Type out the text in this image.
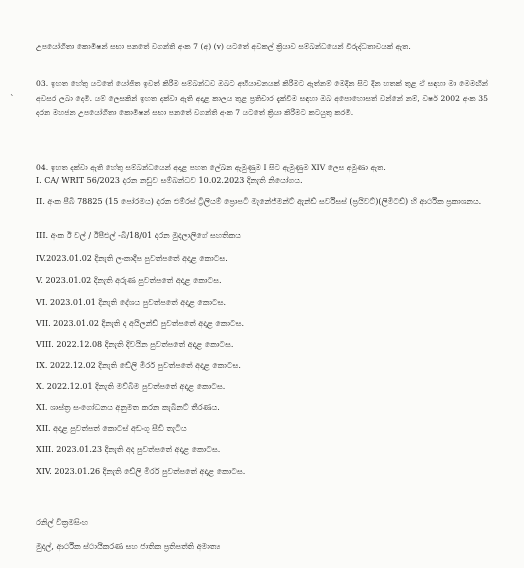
උපයෝගිතා කොමිෂන් සභා පනතේ වගන්ති අංක 7 (අ) (v) යටතේ අවකල් ක්‍රියාව සම්බන්ධයෙන් විරුද්ධතාවයක් ඇත.
03. ඉහත හේතු යටතේ යෝජිත ඉවත් කිරීම සම්බන්ධව ඔබට අභියාචනයක් කිරීමට ඇත්නම් මෙදින සිට දින හතක් තුළ ඒ සඳහා මා මෙමඟින් අවසර ලබා දෙමි. යම් ලෙසකින් ඉහත දක්වා ඇති අදාළ කාලය තුළ ප්‍රතිචාර දැක්වීම සඳහා ඔබ අපොහොසත් වන්නේ නම්, වර්ෂ 2002 අංක 35 දරන මහජන උපයෝගිතා කොමිෂන් සභා පනතේ වගන්ති අංක 7 යටතේ ක්‍රියා කිරීමට කටයුතු කරමි.
`
04. ඉහත දක්වා ඇති හේතු සම්බන්ධයෙන් අදාළ පහත ලේඛන ඇමුණුම I සිට ඇමුණුම XIV ලෙස අමුණා ඇත.
I. CA/ WRIT 56/2023 දරන නඩුව සම්බන්ධව 10.02.2023 දිනැති නියෝගය.
II. අංක පීබී 78825 (15 පෝරමය) දරන එම්රස් ට්‍රිලියම් ප්‍රොපටි මැනේජ්මන්ට් ඇන්ඩ් සර්විසස් (ප්‍රයිවට්)(ලිමිටඩ්) හි ආර්ථික ප්‍රකාශනය.
III. අංක ඊ වල් / ඊපීඑල් -බී/18/01 දරන මුදලාලිගේ සහතිකය
IV.2023.01.02 දිනැති ලංකාදීප පුවත්පතේ අදාළ කොටස.
V. 2023.01.02 දිනැති අරුණ පුවත්පතේ අදාළ කොටස.
VI. 2023.01.01 දිනැති දේශය පුවත්පතේ අදාළ කොටස.
VII. 2023.01.02 දිනැති ද අයිලන්ඩ් පුවත්පතේ අදාළ කොටස.
VIII. 2022.12.08 දිනැති දිවයින පුවත්පතේ අදාළ කොටස.
IX. 2022.12.02 දිනැති ඩේලි මිරර් පුවත්පතේ අදාළ කොටස.
X. 2022.12.01 දිනැති මව්බිම පුවත්පතේ අදාළ කොටස.
XI. ශාස්ත්‍ර සංගෝධනය අනුමත කරන කැබිනට් තීරණය.
XII. අදාළ පුවත්පත් කොටස් අඩංගු සීඩී තැටිය
XIII. 2023.01.23 දිනැති අද පුවත්පතේ අදාළ කොටස.
XIV. 2023.01.26 දිනැති ඩේලි මිරර් පුවත්පතේ අදාළ කොටස.
රනිල් වික්‍රමසිංහ
මුදල්, ආර්ථික ස්ථායීකරණ සහ ජාතික ප්‍රතිපත්ති අමාත්‍ය
